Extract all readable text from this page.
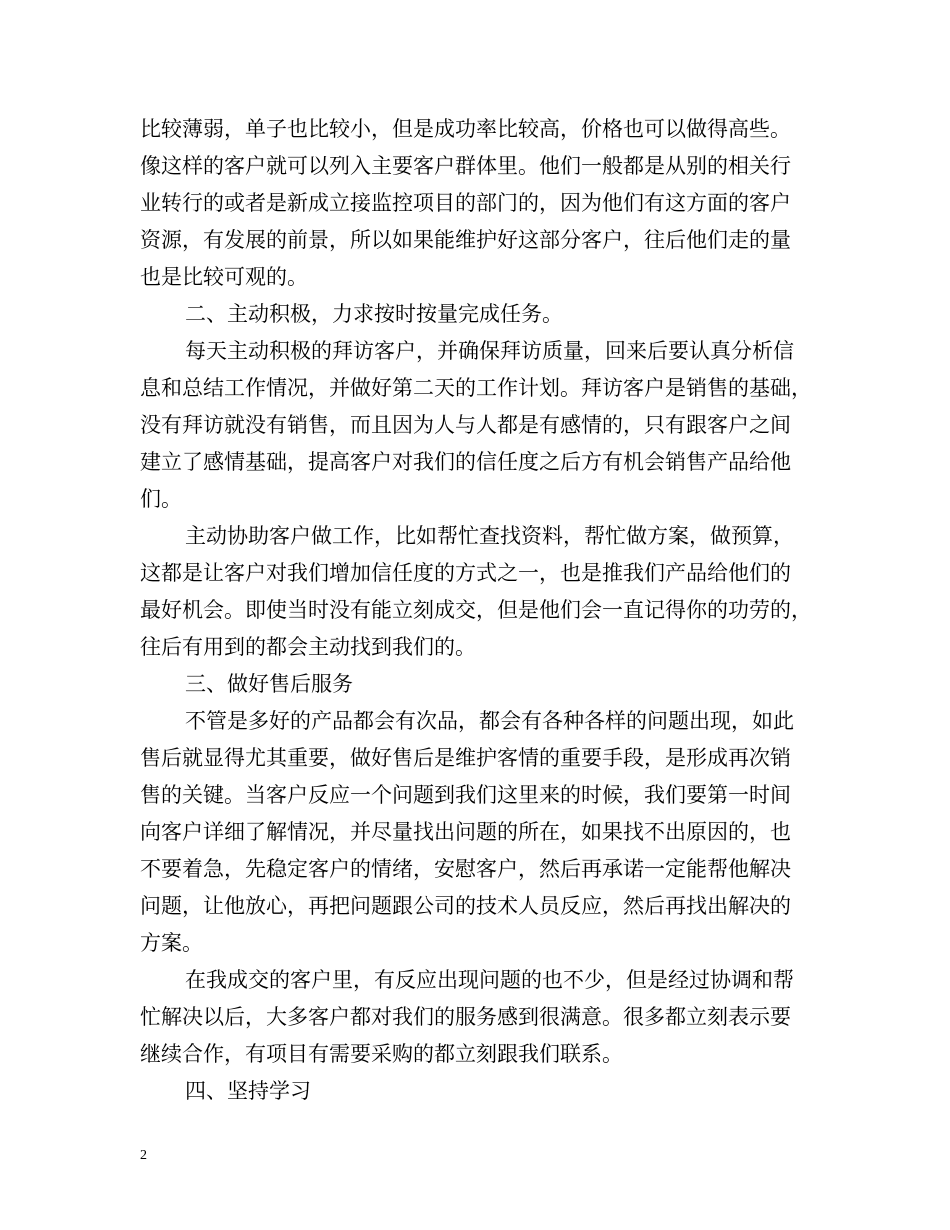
比较薄弱，单子也比较小，但是成功率比较高，价格也可以做得高些。
像这样的客户就可以列入主要客户群体里。他们一般都是从别的相关行
业转行的或者是新成立接监控项目的部门的，因为他们有这方面的客户
资源，有发展的前景，所以如果能维护好这部分客户，往后他们走的量
也是比较可观的。
二、主动积极，力求按时按量完成任务。
每天主动积极的拜访客户，并确保拜访质量，回来后要认真分析信
息和总结工作情况，并做好第二天的工作计划。拜访客户是销售的基础，
没有拜访就没有销售，而且因为人与人都是有感情的，只有跟客户之间
建立了感情基础，提高客户对我们的信任度之后方有机会销售产品给他
们。
主动协助客户做工作，比如帮忙查找资料，帮忙做方案，做预算，
这都是让客户对我们增加信任度的方式之一，也是推我们产品给他们的
最好机会。即使当时没有能立刻成交，但是他们会一直记得你的功劳的，
往后有用到的都会主动找到我们的。
三、做好售后服务
不管是多好的产品都会有次品，都会有各种各样的问题出现，如此
售后就显得尤其重要，做好售后是维护客情的重要手段，是形成再次销
售的关键。当客户反应一个问题到我们这里来的时候，我们要第一时间
向客户详细了解情况，并尽量找出问题的所在，如果找不出原因的，也
不要着急，先稳定客户的情绪，安慰客户，然后再承诺一定能帮他解决
问题，让他放心，再把问题跟公司的技术人员反应，然后再找出解决的
方案。
在我成交的客户里，有反应出现问题的也不少，但是经过协调和帮
忙解决以后，大多客户都对我们的服务感到很满意。很多都立刻表示要
继续合作，有项目有需要采购的都立刻跟我们联系。
四、坚持学习
2
